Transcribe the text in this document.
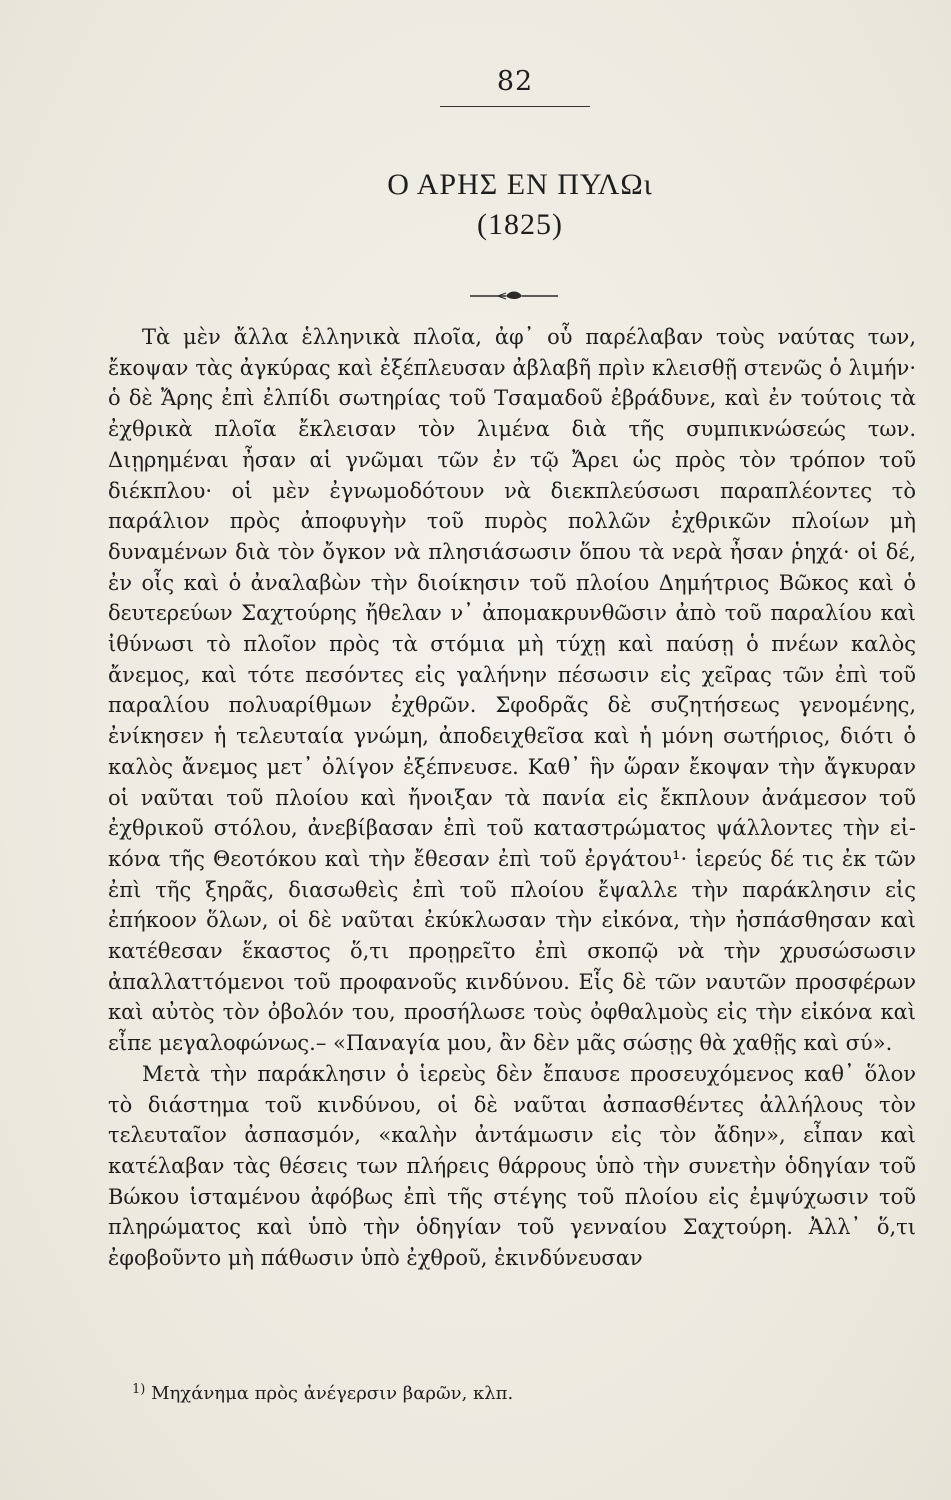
82
Ο ΑΡΗΣ ΕΝ ΠΥΛΩι
(1825)

Τὰ μὲν ἄλλα ἑλληνικὰ πλοῖα, ἀφ᾽ οὗ παρέλαβαν τοὺς ναύτας των, ἔκοψαν τὰς ἀγκύρας καὶ ἐξέπλευσαν ἀβλαβῆ πρὶν κλεισθῇ στενῶς ὁ λιμήν· ὁ δὲ Ἄρης ἐπὶ ἐλπίδι σωτηρίας τοῦ Τσαμαδοῦ ἐβράδυνε, καὶ ἐν τούτοις τὰ ἐχθρικὰ πλοῖα ἔκλεισαν τὸν λιμένα διὰ τῆς συμπικνώσεώς των. Διῃρημέναι ἦσαν αἱ γνῶμαι τῶν ἐν τῷ Ἄρει ὡς πρὸς τὸν τρόπον τοῦ διέκπλου· οἱ μὲν ἐγνωμοδότουν νὰ διεκπλεύσωσι παραπλέοντες τὸ παράλιον πρὸς ἀποφυγὴν τοῦ πυρὸς πολλῶν ἐχθρικῶν πλοίων μὴ δυναμένων διὰ τὸν ὄγκον νὰ πλησιάσωσιν ὅπου τὰ νερὰ ἦσαν ῥηχά· οἱ δέ, ἐν οἷς καὶ ὁ ἀναλαβὼν τὴν διοίκησιν τοῦ πλοίου Δημήτριος Βῶκος καὶ ὁ δευτερεύων Σαχτούρης ἤθελαν ν᾽ ἀπομακρυνθῶσιν ἀπὸ τοῦ παραλίου καὶ ἰθύνωσι τὸ πλοῖον πρὸς τὰ στόμια μὴ τύχῃ καὶ παύσῃ ὁ πνέων καλὸς ἄνεμος, καὶ τότε πεσόντες εἰς γαλήνην πέσωσιν εἰς χεῖρας τῶν ἐπὶ τοῦ παραλίου πολυαρίθμων ἐχθρῶν. Σφοδρᾶς δὲ συζητήσεως γενομένης, ἐνίκησεν ἡ τελευταία γνώμη, ἀποδειχθεῖσα καὶ ἡ μόνη σωτήριος, διότι ὁ καλὸς ἄνεμος μετ᾽ ὀλίγον ἐξέπνευσε. Καθ᾽ ἣν ὥραν ἔκοψαν τὴν ἄγκυραν οἱ ναῦται τοῦ πλοίου καὶ ἤνοιξαν τὰ πανία εἰς ἔκπλουν ἀνάμεσον τοῦ ἐχθρικοῦ στόλου, ἀνεβίβασαν ἐπὶ τοῦ καταστρώματος ψάλλοντες τὴν εἰκόνα τῆς Θεοτόκου καὶ τὴν ἔθεσαν ἐπὶ τοῦ ἐργάτου¹· ἱερεύς δέ τις ἐκ τῶν ἐπὶ τῆς ξηρᾶς, διασωθεὶς ἐπὶ τοῦ πλοίου ἔψαλλε τὴν παράκλησιν εἰς ἐπήκοον ὅλων, οἱ δὲ ναῦται ἐκύκλωσαν τὴν εἰκόνα, τὴν ἠσπάσθησαν καὶ κατέθεσαν ἕκαστος ὅ,τι προῃρεῖτο ἐπὶ σκοπῷ νὰ τὴν χρυσώσωσιν ἀπαλλαττόμενοι τοῦ προφανοῦς κινδύνου. Εἷς δὲ τῶν ναυτῶν προσφέρων καὶ αὐτὸς τὸν ὀβολόν του, προσήλωσε τοὺς ὀφθαλμοὺς εἰς τὴν εἰκόνα καὶ εἶπε μεγαλοφώνως.– «Παναγία μου, ἂν δὲν μᾶς σώσῃς θὰ χαθῇς καὶ σύ».

Μετὰ τὴν παράκλησιν ὁ ἱερεὺς δὲν ἔπαυσε προσευχόμενος καθ᾽ ὅλον τὸ διάστημα τοῦ κινδύνου, οἱ δὲ ναῦται ἀσπασθέντες ἀλλήλους τὸν τελευταῖον ἀσπασμόν, «καλὴν ἀντάμωσιν εἰς τὸν ἄδην», εἶπαν καὶ κατέλαβαν τὰς θέσεις των πλήρεις θάρρους ὑπὸ τὴν συνετὴν ὁδηγίαν τοῦ Βώκου ἱσταμένου ἀφόβως ἐπὶ τῆς στέγης τοῦ πλοίου εἰς ἐμψύχωσιν τοῦ πληρώματος καὶ ὑπὸ τὴν ὁδηγίαν τοῦ γενναίου Σαχτούρη. Ἀλλ᾽ ὅ,τι ἐφοβοῦντο μὴ πάθωσιν ὑπὸ ἐχθροῦ, ἐκινδύνευσαν

$^{1)}$ Μηχάνημα πρὸς ἀνέγερσιν βαρῶν, κλπ.
